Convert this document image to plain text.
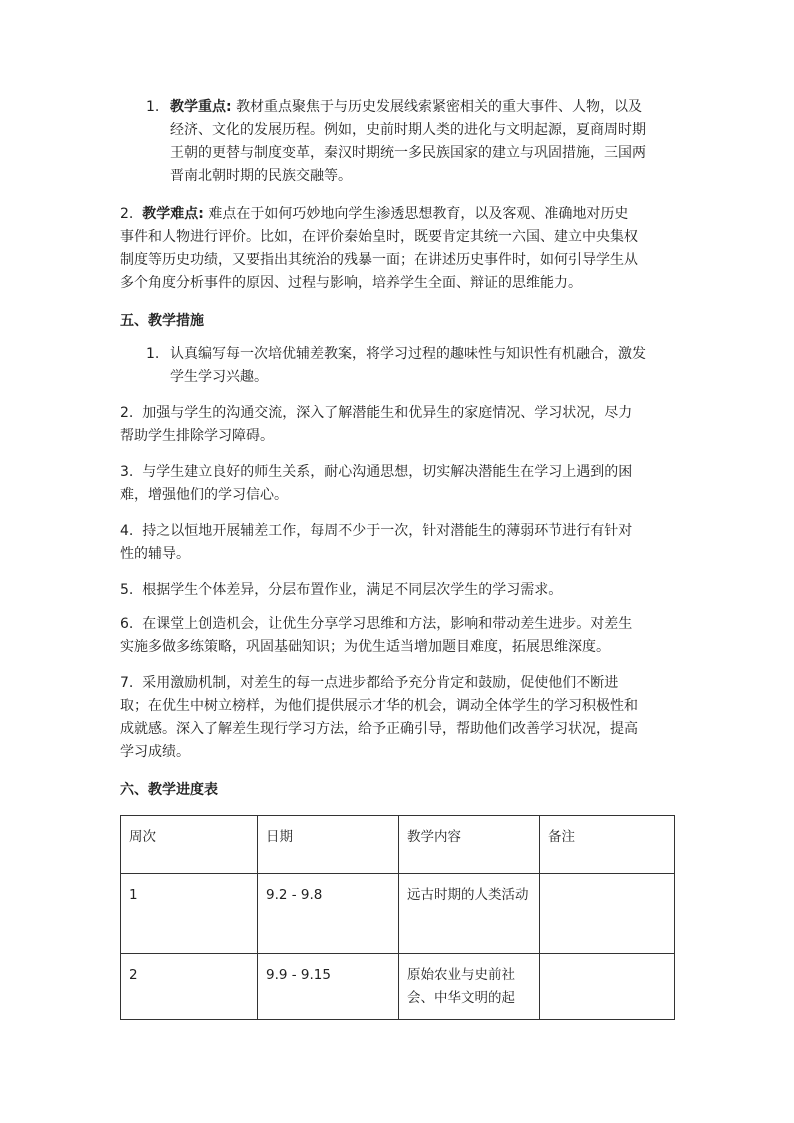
1. 教学重点: 教材重点聚焦于与历史发展线索紧密相关的重大事件、人物，以及
经济、文化的发展历程。例如，史前时期人类的进化与文明起源，夏商周时期
王朝的更替与制度变革，秦汉时期统一多民族国家的建立与巩固措施，三国两
晋南北朝时期的民族交融等。
2. 教学难点: 难点在于如何巧妙地向学生渗透思想教育，以及客观、准确地对历史
事件和人物进行评价。比如，在评价秦始皇时，既要肯定其统一六国、建立中央集权
制度等历史功绩，又要指出其统治的残暴一面；在讲述历史事件时，如何引导学生从
多个角度分析事件的原因、过程与影响，培养学生全面、辩证的思维能力。
五、教学措施
1. 认真编写每一次培优辅差教案，将学习过程的趣味性与知识性有机融合，激发
学生学习兴趣。
2. 加强与学生的沟通交流，深入了解潜能生和优异生的家庭情况、学习状况，尽力
帮助学生排除学习障碍。
3. 与学生建立良好的师生关系，耐心沟通思想，切实解决潜能生在学习上遇到的困
难，增强他们的学习信心。
4. 持之以恒地开展辅差工作，每周不少于一次，针对潜能生的薄弱环节进行有针对
性的辅导。
5. 根据学生个体差异，分层布置作业，满足不同层次学生的学习需求。
6. 在课堂上创造机会，让优生分享学习思维和方法，影响和带动差生进步。对差生
实施多做多练策略，巩固基础知识；为优生适当增加题目难度，拓展思维深度。
7. 采用激励机制，对差生的每一点进步都给予充分肯定和鼓励，促使他们不断进
取；在优生中树立榜样，为他们提供展示才华的机会，调动全体学生的学习积极性和
成就感。深入了解差生现行学习方法，给予正确引导，帮助他们改善学习状况，提高
学习成绩。
六、教学进度表
周次	日期	教学内容	备注
1	9.2 - 9.8	远古时期的人类活动	
2	9.9 - 9.15	原始农业与史前社会、中华文明的起	
